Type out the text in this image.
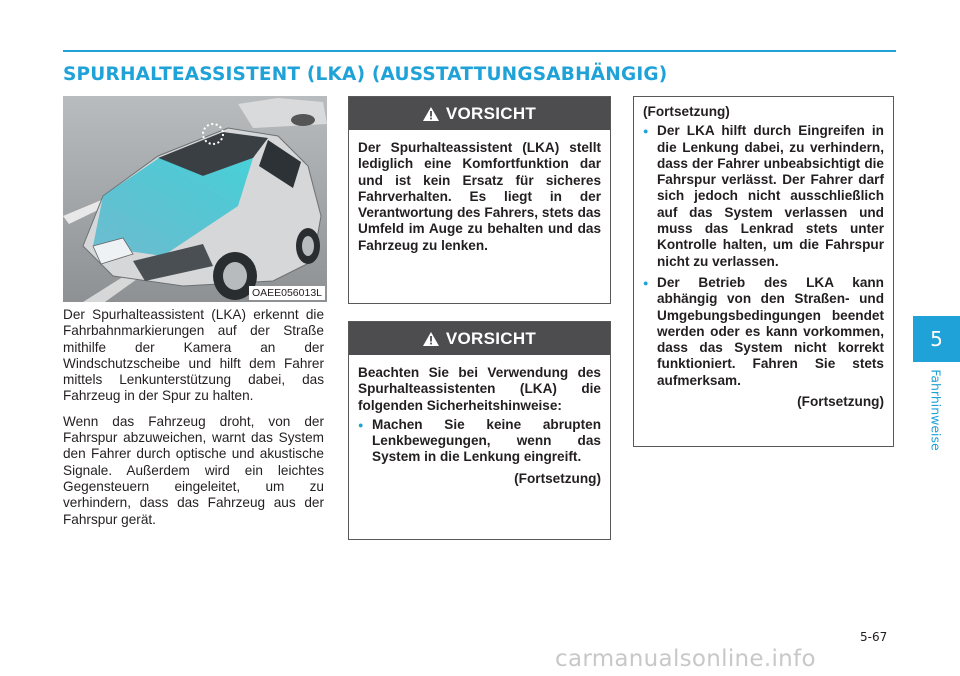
SPURHALTEASSISTENT (LKA) (AUSSTATTUNGSABHÄNGIG)
OAEE056013L

Der Spurhalteassistent (LKA) erkennt die Fahrbahnmarkierungen auf der Straße mithilfe der Kamera an der Windschutzscheibe und hilft dem Fahrer mittels Lenkunterstützung dabei, das Fahrzeug in der Spur zu halten.

Wenn das Fahrzeug droht, von der Fahrspur abzuweichen, warnt das System den Fahrer durch optische und akustische Signale. Außerdem wird ein leichtes Gegensteuern eingeleitet, um zu verhindern, dass das Fahrzeug aus der Fahrspur gerät.

VORSICHT

Der Spurhalteassistent (LKA) stellt lediglich eine Komfortfunktion dar und ist kein Ersatz für sicheres Fahrverhalten. Es liegt in der Verantwortung des Fahrers, stets das Umfeld im Auge zu behalten und das Fahrzeug zu lenken.

VORSICHT

Beachten Sie bei Verwendung des Spurhalteassistenten (LKA) die folgenden Sicherheitshinweise:

● Machen Sie keine abrupten Lenkbewegungen, wenn das System in die Lenkung eingreift.

(Fortsetzung)

(Fortsetzung)

● Der LKA hilft durch Eingreifen in die Lenkung dabei, zu verhindern, dass der Fahrer unbeabsichtigt die Fahrspur verlässt. Der Fahrer darf sich jedoch nicht ausschließlich auf das System verlassen und muss das Lenkrad stets unter Kontrolle halten, um die Fahrspur nicht zu verlassen.
● Der Betrieb des LKA kann abhängig von den Straßen- und Umgebungsbedingungen beendet werden oder es kann vorkommen, dass das System nicht korrekt funktioniert. Fahren Sie stets aufmerksam.

(Fortsetzung)

5
Fahrhinweise
5-67
carmanualsonline.info
